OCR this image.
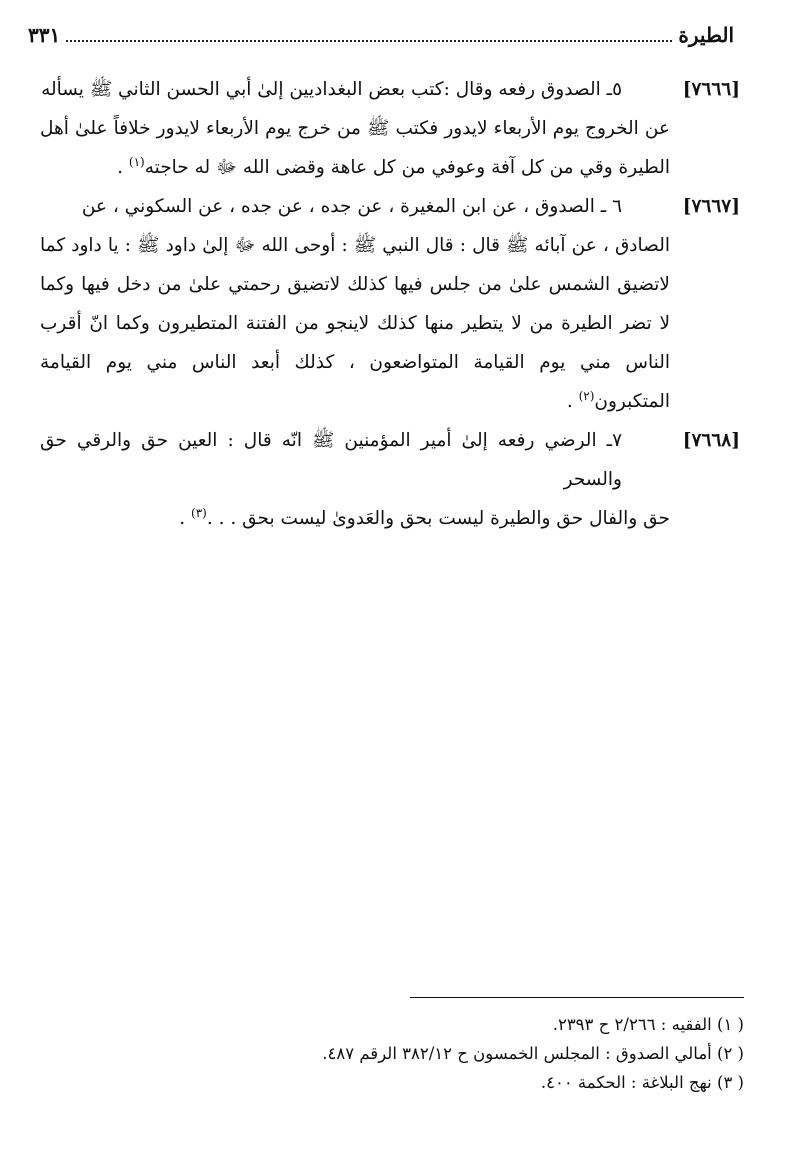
الطيرة
٣٣١
[٧٦٦٦]
٥ـ الصدوق رفعه وقال :كتب بعض البغداديين إلىٰ أبي الحسن الثاني ﷺ يسأله
عن الخروج يوم الأربعاء لايدور فكتب ﷺ من خرج يوم الأربعاء لايدور خلافاً علىٰ أهل الطيرة وقي من كل آفة وعوفي من كل عاهة وقضى الله ﷻ له حاجته$^{(١)}$ .
[٧٦٦٧]
٦ ـ الصدوق ، عن ابن المغيرة ، عن جده ، عن جده ، عن السكوني ، عن
الصادق ، عن آبائه ﷺ قال : قال النبي ﷺ : أوحى الله ﷻ إلىٰ داود ﷺ : يا داود كما لاتضيق الشمس علىٰ من جلس فيها كذلك لاتضيق رحمتي علىٰ من دخل فيها وكما لا تضر الطيرة من لا يتطير منها كذلك لاينجو من الفتنة المتطيرون وكما انّ أقرب الناس مني يوم القيامة المتواضعون ، كذلك أبعد الناس مني يوم القيامة المتكبرون$^{(٢)}$ .
[٧٦٦٨]
٧ـ الرضي رفعه إلىٰ أمير المؤمنين ﷺ انّه قال : العين حق والرقي حق والسحر
حق والفال حق والطيرة ليست بحق والعَدوىٰ ليست بحق . . .$^{(٣)}$ .

( ١) الفقيه : ٢/٢٦٦ ح ٢٣٩٣.

( ٢) أمالي الصدوق : المجلس الخمسون ح ٣٨٢/١٢ الرقم ٤٨٧.

( ٣) نهج البلاغة : الحكمة ٤٠٠.
